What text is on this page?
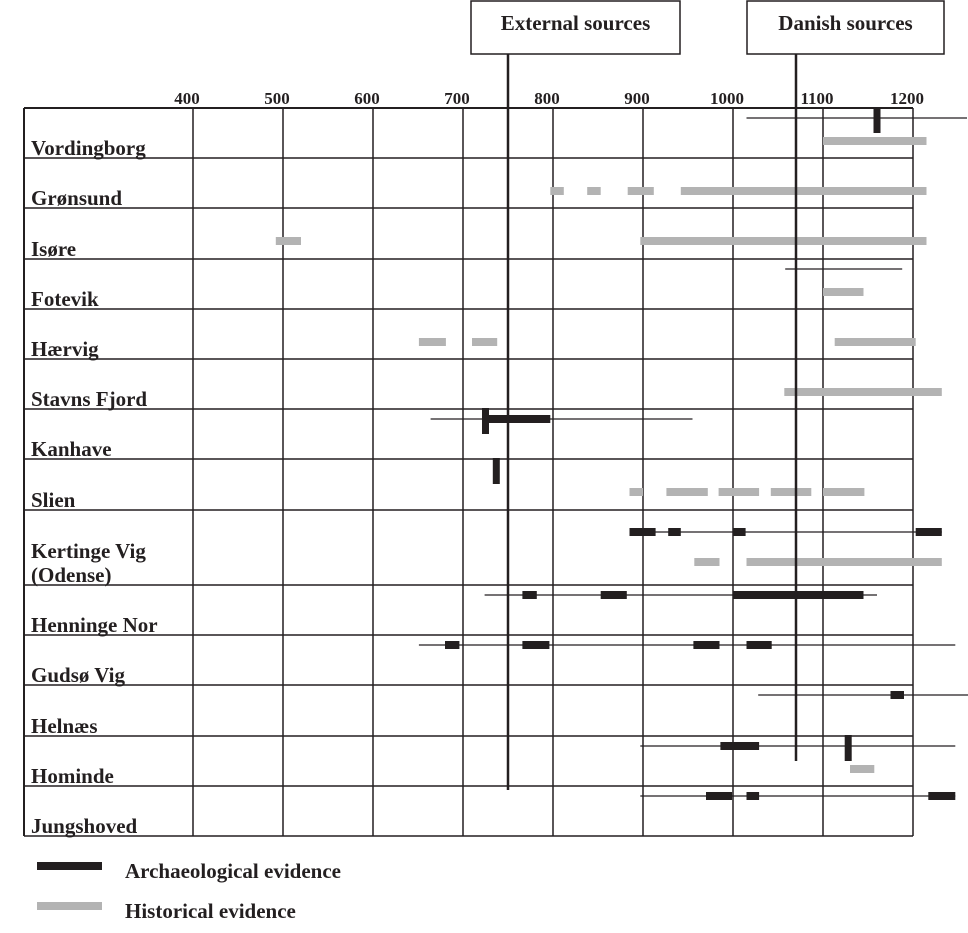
400	500	600	700	800	900	1000	1100	1200
Vordingborg
Grønsund
Isøre
Fotevik
Hærvig
Stavns Fjord
Kanhave
Slien
Kertinge Vig
(Odense)
Henninge Nor
Gudsø Vig
Helnæs
Hominde
Jungshoved
External sources	Danish sources
Archaeological evidence
Historical evidence
